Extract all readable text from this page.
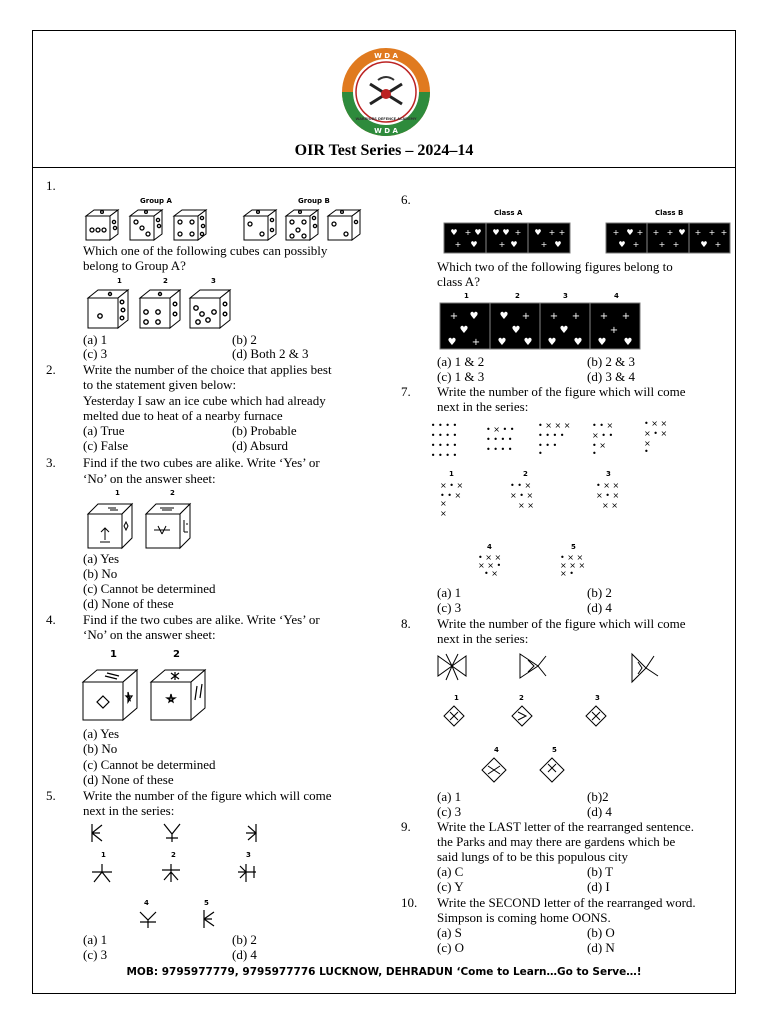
W D A
W D A
WARRIORS DEFENCE ACADEMY
OIR Test Series – 2024–14
1.
Group A	Group B
Which one of the following cubes can possibly
belong to Group A?
1	2	3
(a) 1	(b) 2
(c) 3	(d) Both 2 & 3
2. Write the number of the choice that applies best
to the statement given below:
Yesterday I saw an ice cube which had already
melted due to heat of a nearby furnace
(a) True	(b) Probable
(c) False	(d) Absurd
3. Find if the two cubes are alike. Write ‘Yes’ or
‘No’ on the answer sheet:
1	2
(a) Yes
(b) No
(c) Cannot be determined
(d) None of these
4. Find if the two cubes are alike. Write ‘Yes’ or
‘No’ on the answer sheet:
1	2
(a) Yes
(b) No
(c) Cannot be determined
(d) None of these
5. Write the number of the figure which will come
next in the series:
1	2	3
4	5
(a) 1	(b) 2
(c) 3	(d) 4
6.
Class A	Class B
♥ + ♥
+ ♥
♥ ♥ +
+ ♥
♥ + +
+ ♥
+ ♥ +
♥ +
+ + ♥
+ +
+ + +
♥ +
Which two of the following figures belong to
class A?
1	2	3	4
+ ♥
♥
♥ +
♥ +
♥
♥ ♥
+ +
♥
♥ ♥
+ +
+
♥ ♥
(a) 1 & 2	(b) 2 & 3
(c) 1 & 3	(d) 3 & 4
7. Write the number of the figure which will come
next in the series:
• • • •
• • • •
• • • •
• • • •
• × • •
• • • •
• • • •
• × × ×
• • • •
• • •
•
• • ×
× • •
• ×
•
• × ×
× • ×
×
•
1	2	3
× • ×
• • ×
×
×
• • ×
× • ×
× ×
• × ×
× • ×
× ×
4	5
• × ×
× × •
• ×
• × ×
× × ×
× •
(a) 1	(b) 2
(c) 3	(d) 4
8. Write the number of the figure which will come
next in the series:
1	2	3
4	5
(a) 1	(b)2
(c) 3	(d) 4
9. Write the LAST letter of the rearranged sentence.
the Parks and may there are gardens which be
said lungs of to be this populous city
(a) C	(b) T
(c) Y	(d) I
10. Write the SECOND letter of the rearranged word.
Simpson is coming home OONS.
(a) S	(b) O
(c) O	(d) N
MOB: 9795977779, 9795977776 LUCKNOW, DEHRADUN ‘Come to Learn…Go to Serve…!
